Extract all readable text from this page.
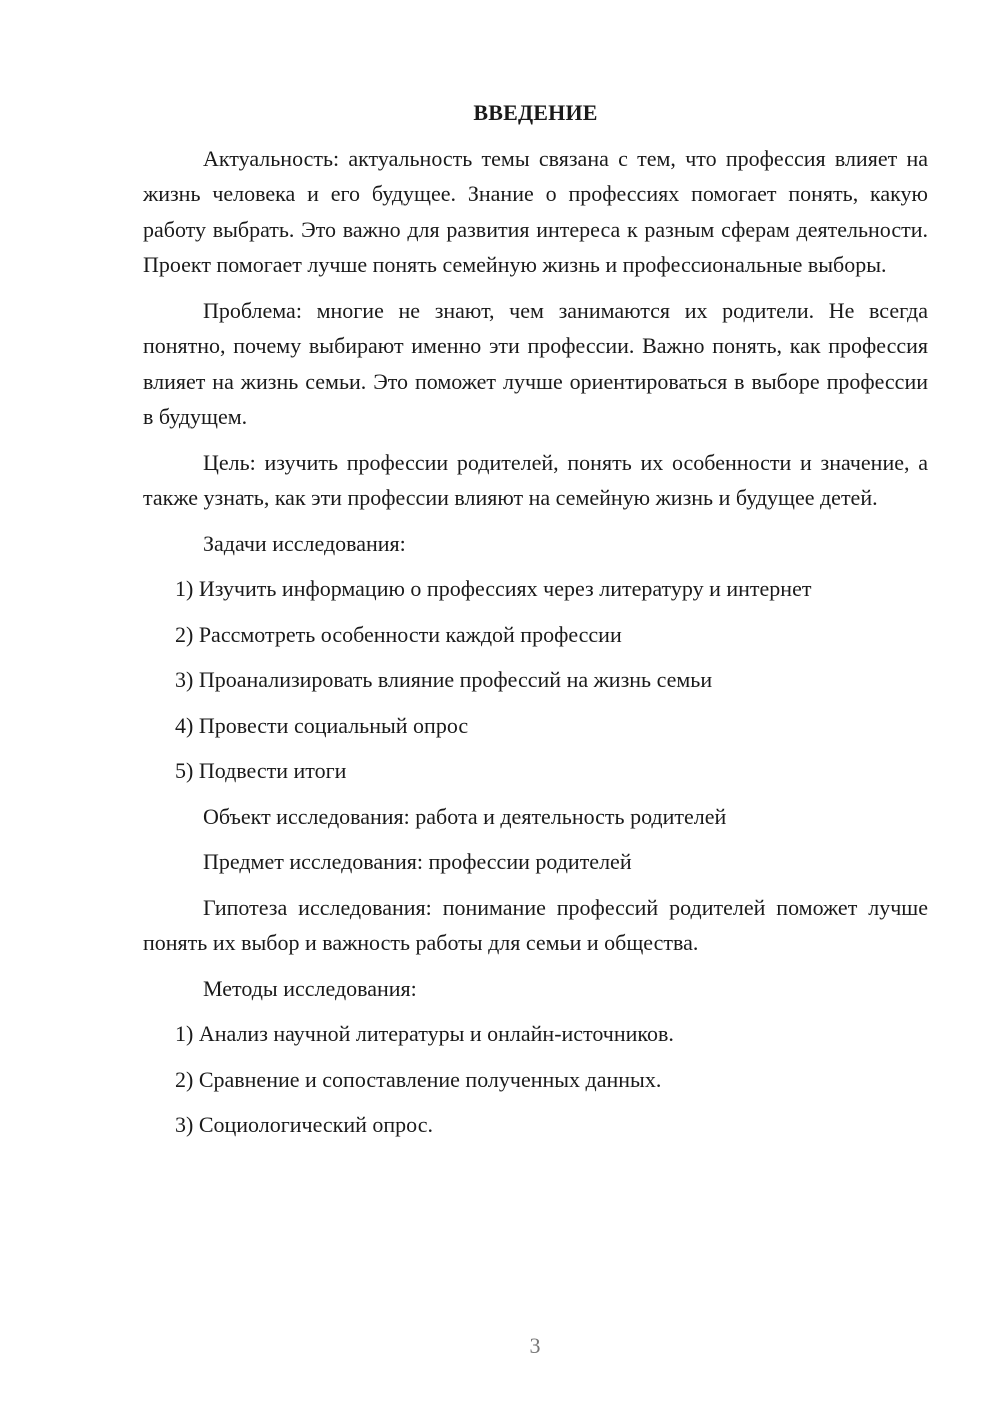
ВВЕДЕНИЕ

Актуальность: актуальность темы связана с тем, что профессия влияет на жизнь человека и его будущее. Знание о профессиях помогает понять, какую работу выбрать. Это важно для развития интереса к разным сферам деятельности. Проект помогает лучше понять семейную жизнь и профессиональные выборы.

Проблема: многие не знают, чем занимаются их родители. Не всегда понятно, почему выбирают именно эти профессии. Важно понять, как профессия влияет на жизнь семьи. Это поможет лучше ориентироваться в выборе профессии в будущем.

Цель: изучить профессии родителей, понять их особенности и значение, а также узнать, как эти профессии влияют на семейную жизнь и будущее детей.

Задачи исследования:
1) Изучить информацию о профессиях через литературу и интернет
2) Рассмотреть особенности каждой профессии
3) Проанализировать влияние профессий на жизнь семьи
4) Провести социальный опрос
5) Подвести итоги
Объект исследования: работа и деятельность родителей
Предмет исследования: профессии родителей

Гипотеза исследования: понимание профессий родителей поможет лучше понять их выбор и важность работы для семьи и общества.

Методы исследования:
1) Анализ научной литературы и онлайн-источников.
2) Сравнение и сопоставление полученных данных.
3) Социологический опрос.
3
